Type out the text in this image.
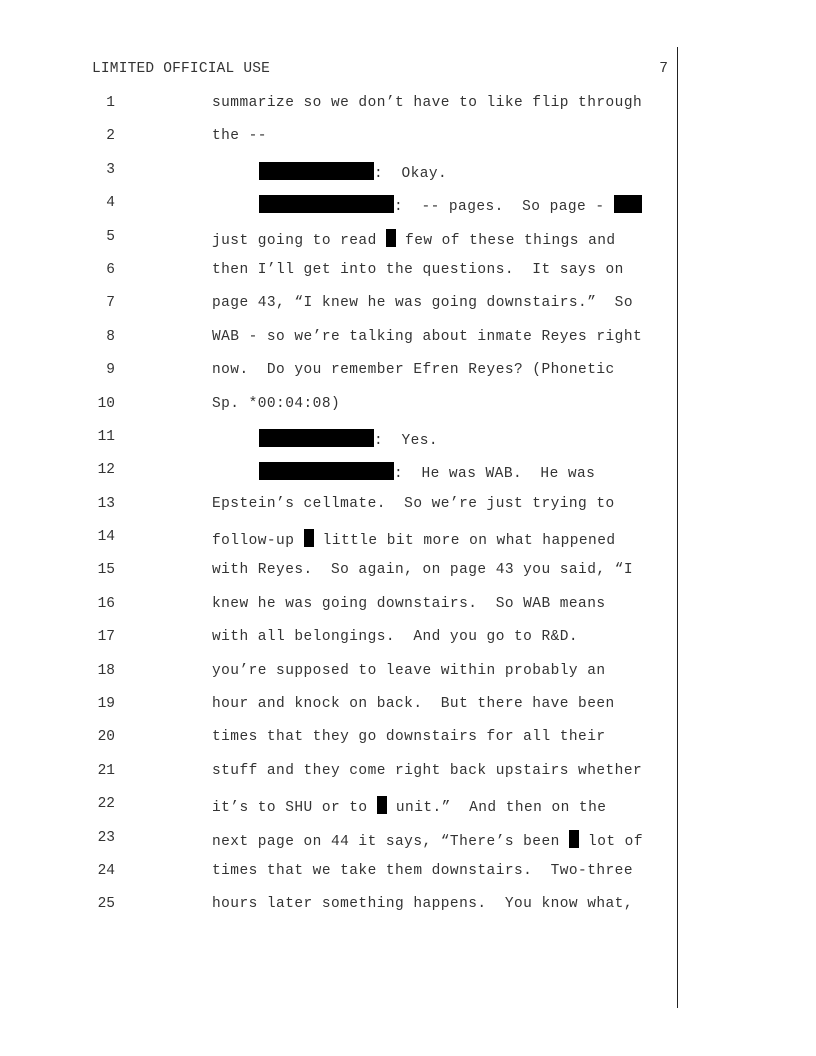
LIMITED OFFICIAL USE	7
1	summarize so we don’t have to like flip through
2	the --
3	:  Okay.
4	:  -- pages.  So page -
5	just going to read  few of these things and
6	then I’ll get into the questions.  It says on
7	page 43, “I knew he was going downstairs.”  So
8	WAB - so we’re talking about inmate Reyes right
9	now.  Do you remember Efren Reyes? (Phonetic
10	Sp. *00:04:08)
11	:  Yes.
12	:  He was WAB.  He was
13	Epstein’s cellmate.  So we’re just trying to
14	follow-up  little bit more on what happened
15	with Reyes.  So again, on page 43 you said, “I
16	knew he was going downstairs.  So WAB means
17	with all belongings.  And you go to R&D.
18	you’re supposed to leave within probably an
19	hour and knock on back.  But there have been
20	times that they go downstairs for all their
21	stuff and they come right back upstairs whether
22	it’s to SHU or to  unit.”  And then on the
23	next page on 44 it says, “There’s been  lot of
24	times that we take them downstairs.  Two-three
25	hours later something happens.  You know what,
